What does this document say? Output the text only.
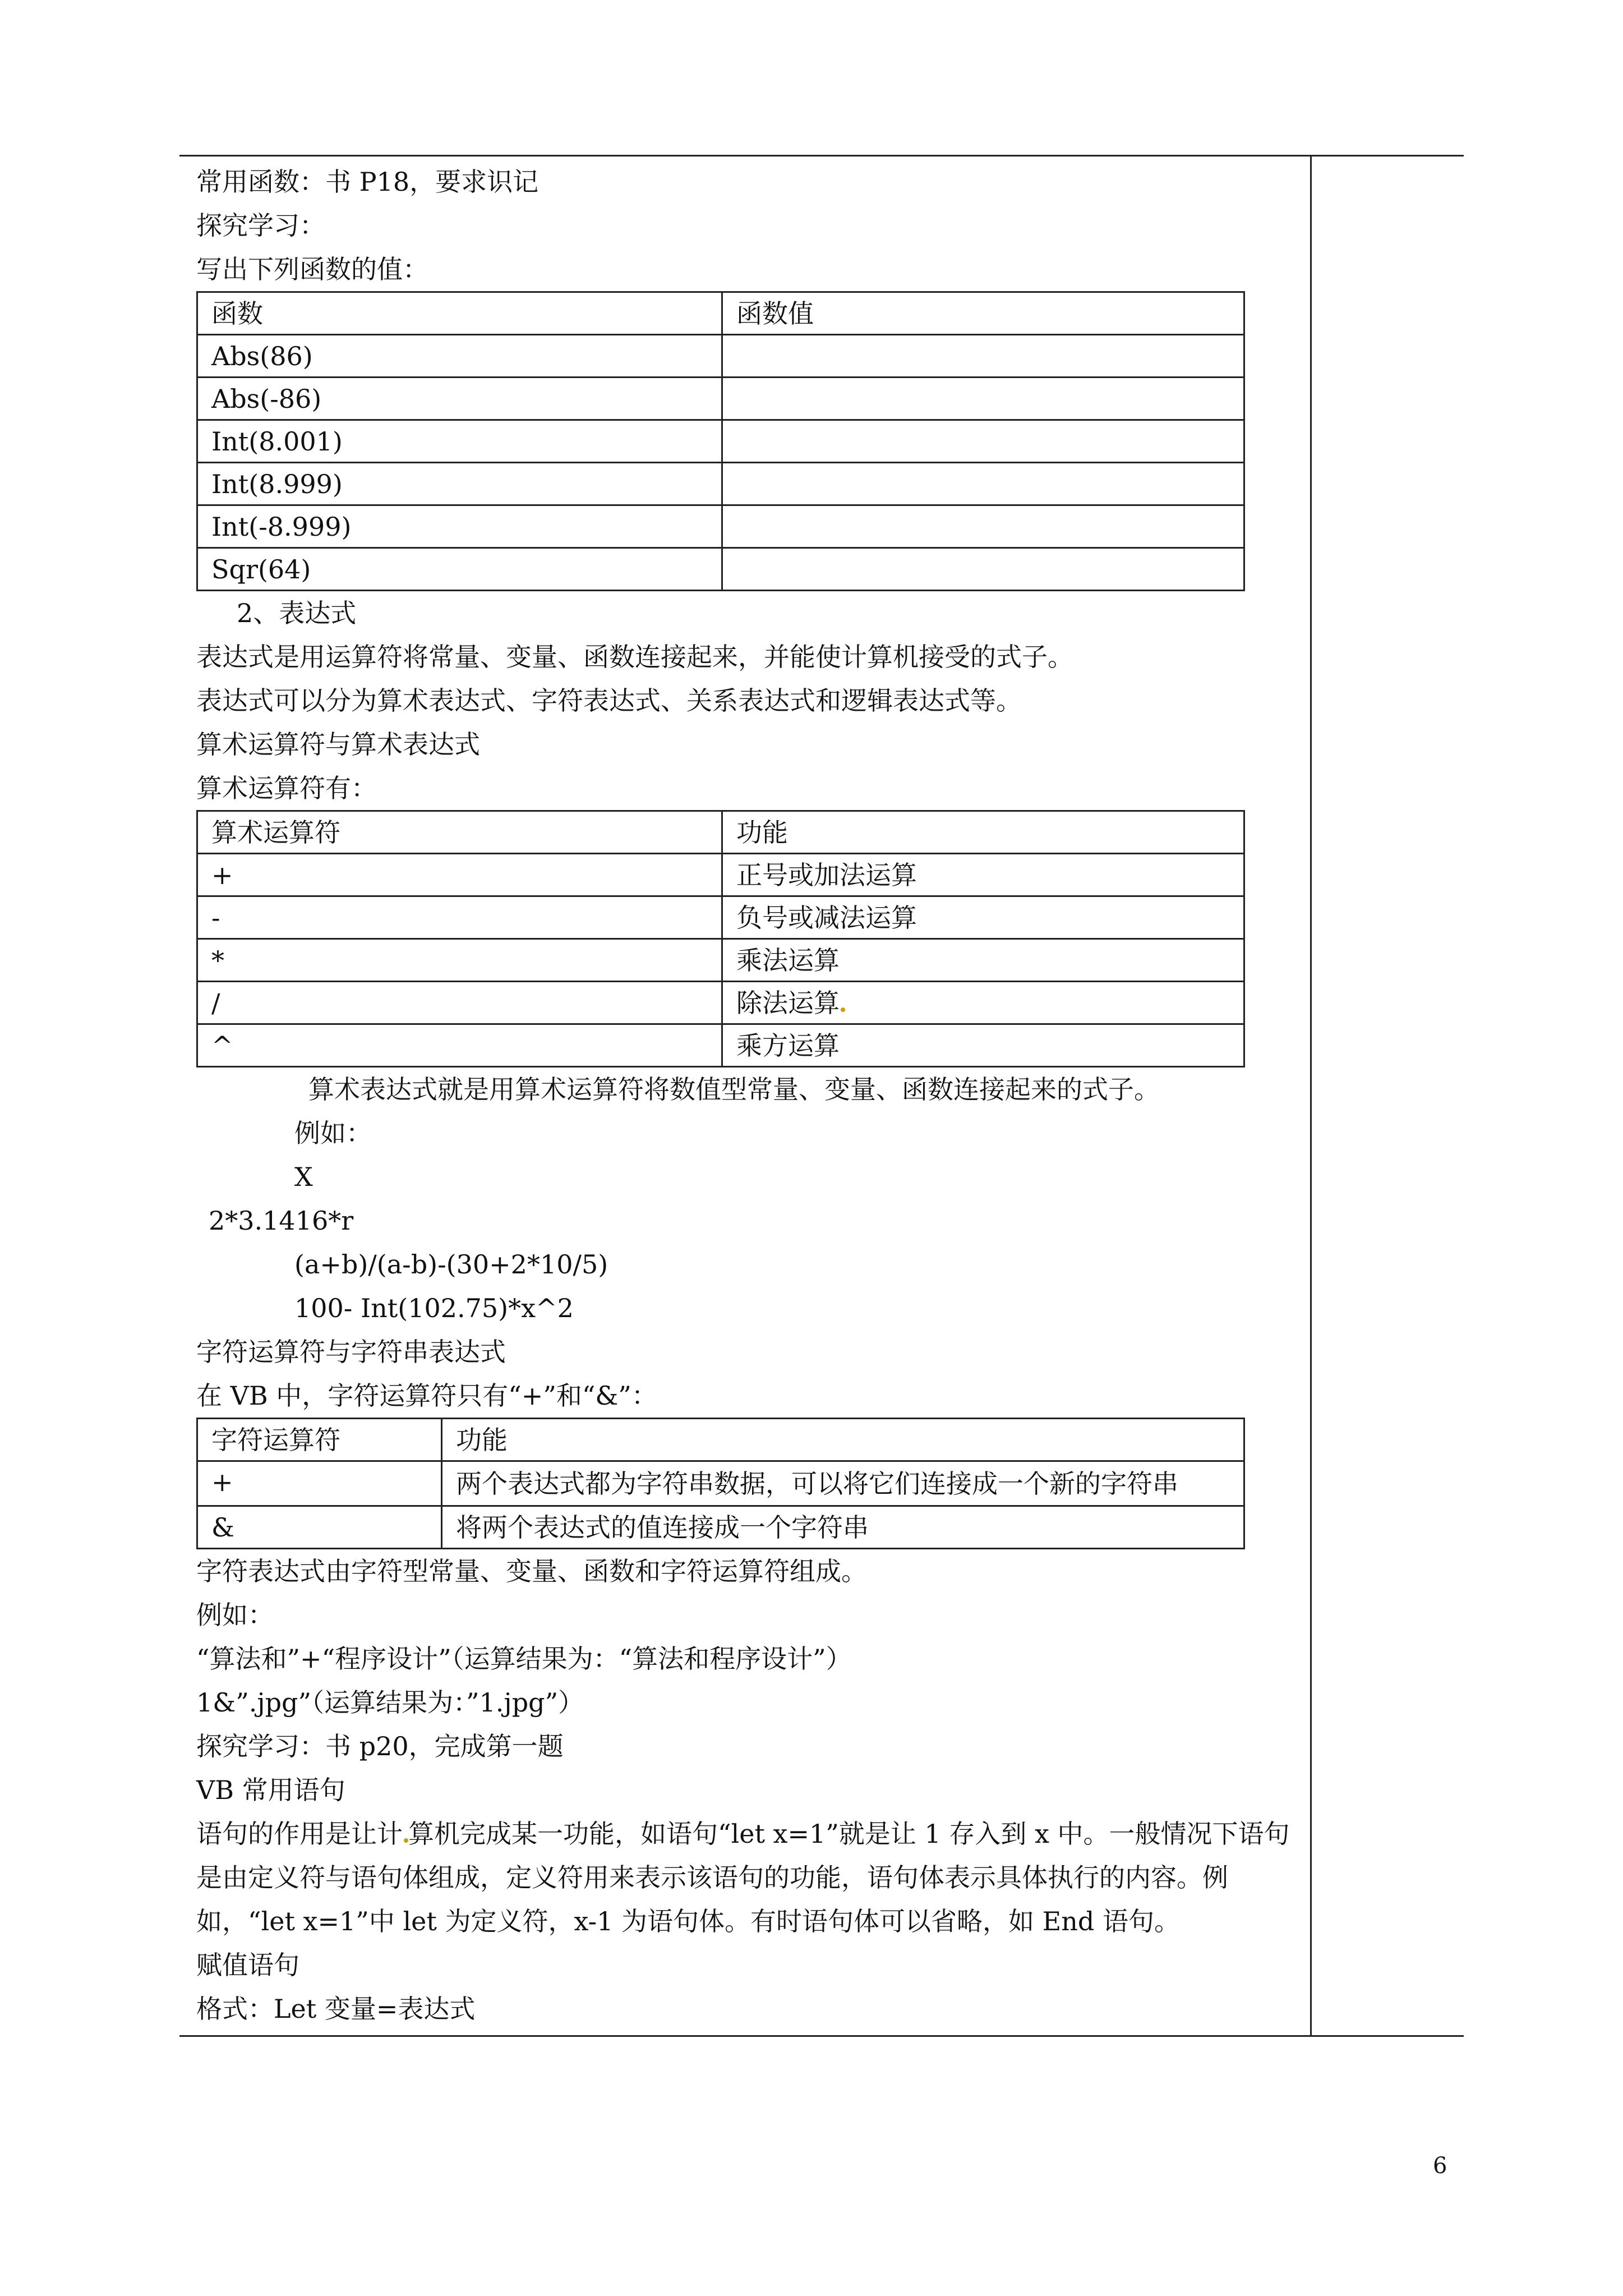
常用函数：书 P18，要求识记
探究学习：
写出下列函数的值：
函数	函数值
Abs(86)	
Abs(-86)	
Int(8.001)	
Int(8.999)	
Int(-8.999)	
Sqr(64)	
2、表达式
表达式是用运算符将常量、变量、函数连接起来，并能使计算机接受的式子。
表达式可以分为算术表达式、字符表达式、关系表达式和逻辑表达式等。
算术运算符与算术表达式
算术运算符有：
算术运算符	功能
+	正号或加法运算
-	负号或减法运算
*	乘法运算
/	除法运算
^	乘方运算
算术表达式就是用算术运算符将数值型常量、变量、函数连接起来的式子。
例如：
X
2*3.1416*r
(a+b)/(a-b)-(30+2*10/5)
100- Int(102.75)*x^2
字符运算符与字符串表达式
在 VB 中，字符运算符只有“+”和“&”：
字符运算符	功能
+	两个表达式都为字符串数据，可以将它们连接成一个新的字符串
&	将两个表达式的值连接成一个字符串
字符表达式由字符型常量、变量、函数和字符运算符组成。
例如：
“算法和”+“程序设计”（运算结果为：“算法和程序设计”）
1&”.jpg”（运算结果为：”1.jpg”）
探究学习：书 p20，完成第一题
VB 常用语句
语句的作用是让计 算机完成某一功能，如语句“let x=1”就是让 1 存入到 x 中。一般情况下语句是由定义符与语句体组成，定义符用来表示该语句的功能，语句体表示具体执行的内容。例如，“let x=1”中 let 为定义符，x-1 为语句体。有时语句体可以省略，如 End 语句。
赋值语句
格式：Let 变量=表达式
6
